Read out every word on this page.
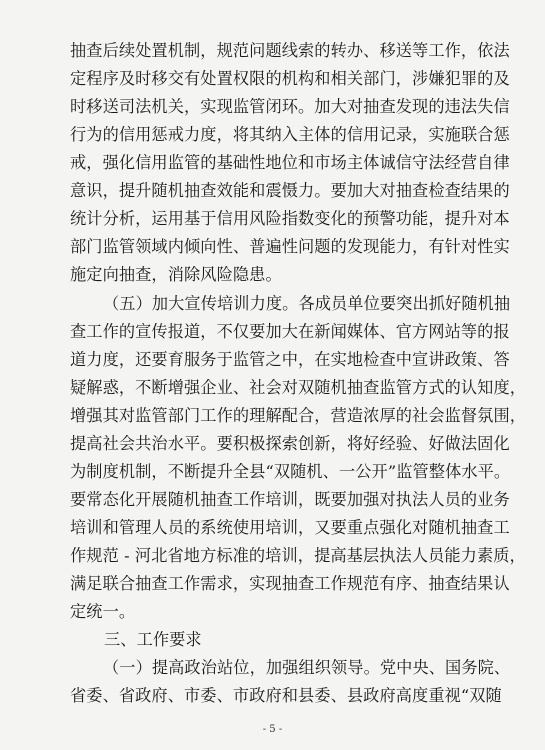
抽查后续处置机制，规范问题线索的转办、移送等工作，依法
定程序及时移交有处置权限的机构和相关部门，涉嫌犯罪的及
时移送司法机关，实现监管闭环。加大对抽查发现的违法失信
行为的信用惩戒力度，将其纳入主体的信用记录，实施联合惩
戒，强化信用监管的基础性地位和市场主体诚信守法经营自律
意识，提升随机抽查效能和震慑力。要加大对抽查检查结果的
统计分析，运用基于信用风险指数变化的预警功能，提升对本
部门监管领域内倾向性、普遍性问题的发现能力，有针对性实
施定向抽查，消除风险隐患。
（五）加大宣传培训力度。各成员单位要突出抓好随机抽
查工作的宣传报道，不仅要加大在新闻媒体、官方网站等的报
道力度，还要育服务于监管之中，在实地检查中宣讲政策、答
疑解惑，不断增强企业、社会对双随机抽查监管方式的认知度，
增强其对监管部门工作的理解配合，营造浓厚的社会监督氛围，
提高社会共治水平。要积极探索创新，将好经验、好做法固化
为制度机制，不断提升全县“双随机、一公开”监管整体水平。
要常态化开展随机抽查工作培训，既要加强对执法人员的业务
培训和管理人员的系统使用培训，又要重点强化对随机抽查工
作规范 - 河北省地方标准的培训，提高基层执法人员能力素质，
满足联合抽查工作需求，实现抽查工作规范有序、抽查结果认
定统一。
三、工作要求
（一）提高政治站位，加强组织领导。党中央、国务院、
省委、省政府、市委、市政府和县委、县政府高度重视“双随
- 5 -
